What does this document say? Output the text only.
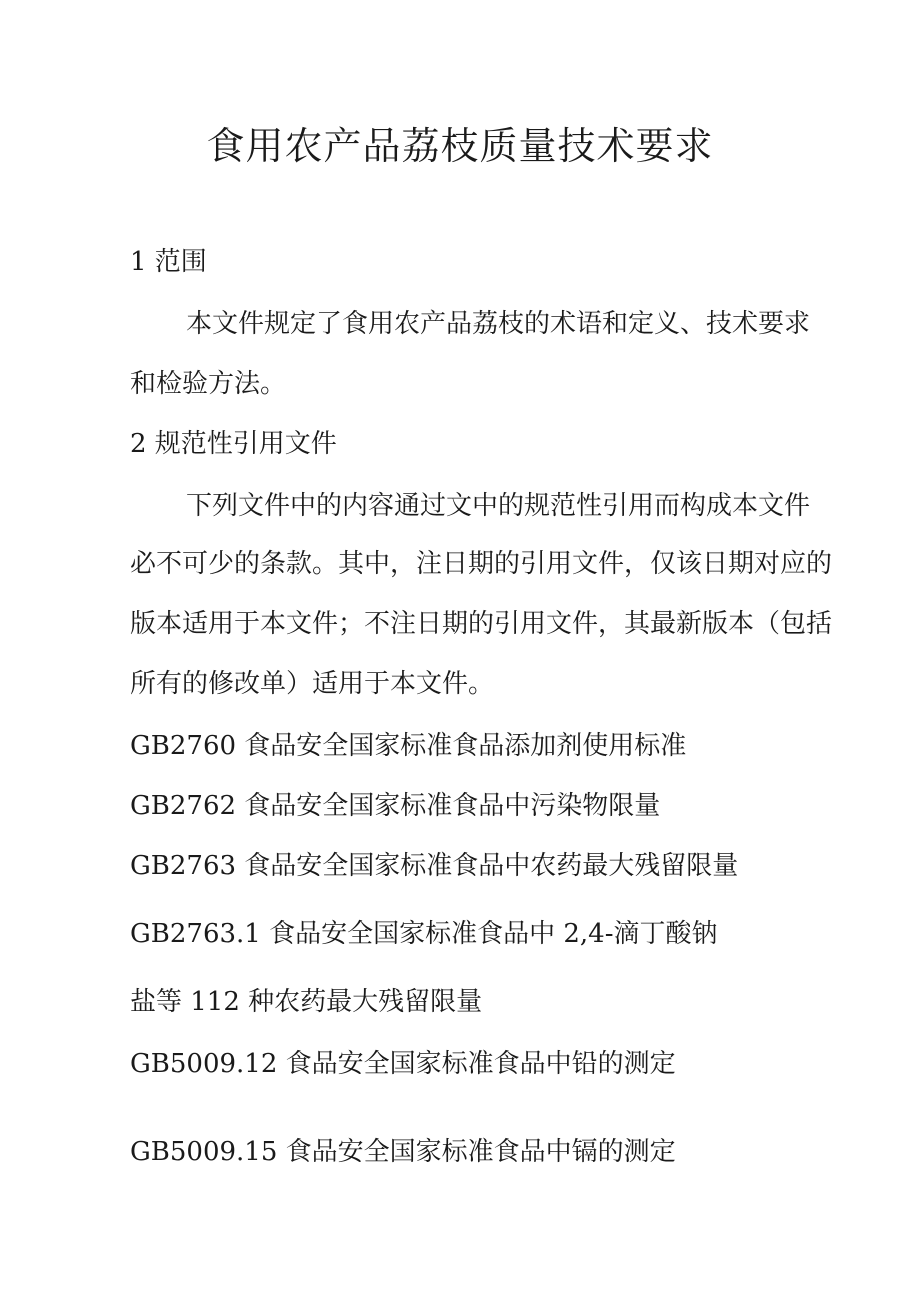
食用农产品荔枝质量技术要求
1 范围
本文件规定了食用农产品荔枝的术语和定义、技术要求
和检验方法。
2 规范性引用文件
下列文件中的内容通过文中的规范性引用而构成本文件
必不可少的条款。其中，注日期的引用文件，仅该日期对应的
版本适用于本文件；不注日期的引用文件，其最新版本（包括
所有的修改单）适用于本文件。
GB2760 食品安全国家标准食品添加剂使用标准
GB2762 食品安全国家标准食品中污染物限量
GB2763 食品安全国家标准食品中农药最大残留限量
GB2763.1 食品安全国家标准食品中 2,4-滴丁酸钠
盐等 112 种农药最大残留限量
GB5009.12 食品安全国家标准食品中铅的测定
GB5009.15 食品安全国家标准食品中镉的测定
